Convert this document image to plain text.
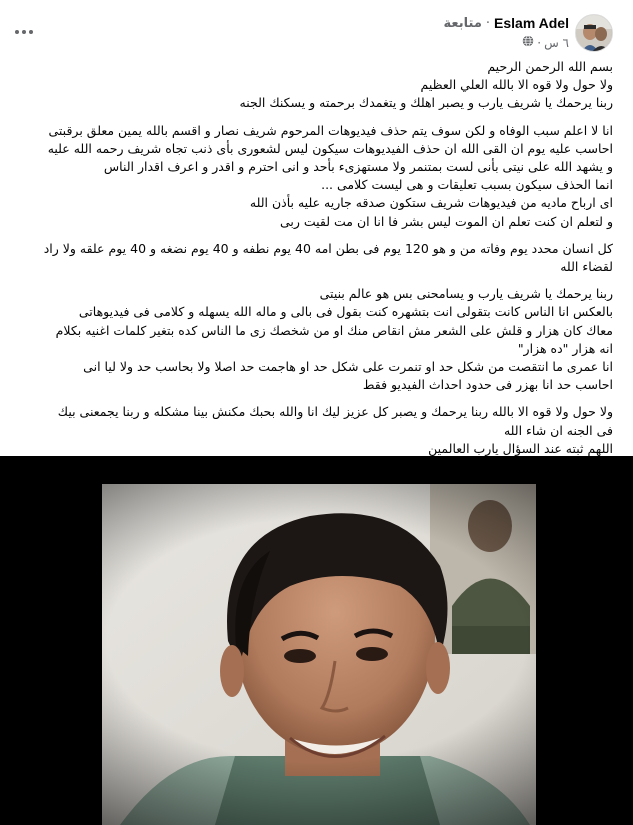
Eslam Adel
·
متابعة
٦ س
·

بسم الله الرحمن الرحيم
ولا حول ولا قوه الا بالله العلي العظيم
ربنا يرحمك يا شريف يارب و يصبر اهلك و يتغمدك برحمته و يسكنك الجنه

انا لا اعلم سبب الوفاه و لكن سوف يتم حذف فيديوهات المرحوم شريف نصار و اقسم بالله يمين معلق برقبتى
احاسب عليه يوم ان القى الله ان حذف الفيديوهات سيكون ليس لشعورى بأى ذنب تجاه شريف رحمه الله عليه
و يشهد الله على نيتى بأنى لست بمتنمر ولا مستهزىء بأحد و انى احترم و اقدر و اعرف اقدار الناس
انما الحذف سيكون بسبب تعليقات و هى ليست كلامى ...
اى ارباح ماديه من فيديوهات شريف ستكون صدقه جاريه عليه بأذن الله
و لتعلم ان كنت تعلم ان الموت ليس بشر فا انا ان مت لقيت ربى

كل انسان محدد يوم وفاته من و هو 120 يوم فى بطن امه 40 يوم نطفه و 40 يوم نضغه و 40 يوم علقه ولا راد
لقضاء الله

ربنا يرحمك يا شريف يارب و يسامحنى بس هو عالم بنيتى
بالعكس انا الناس كانت بتقولى انت بتشهره كنت بقول فى بالى و ماله الله يسهله و كلامى فى فيديوهاتى
معاك كان هزار و قلش على الشعر مش انقاص منك او من شخصك زى ما الناس كده بتغير كلمات اغنيه بكلام
انه هزار "ده هزار"
انا عمرى ما انتقصت من شكل حد او تنمرت على شكل حد او هاجمت حد اصلا ولا بحاسب حد ولا ليا انى
احاسب حد انا بهزر فى حدود احداث الفيديو فقط

ولا حول ولا قوه الا بالله ربنا يرحمك و يصبر كل عزيز ليك انا والله بحبك مكنش بينا مشكله و ربنا يجمعنى بيك
فى الجنه ان شاء الله
اللهم ثبته عند السؤال يارب العالمين
